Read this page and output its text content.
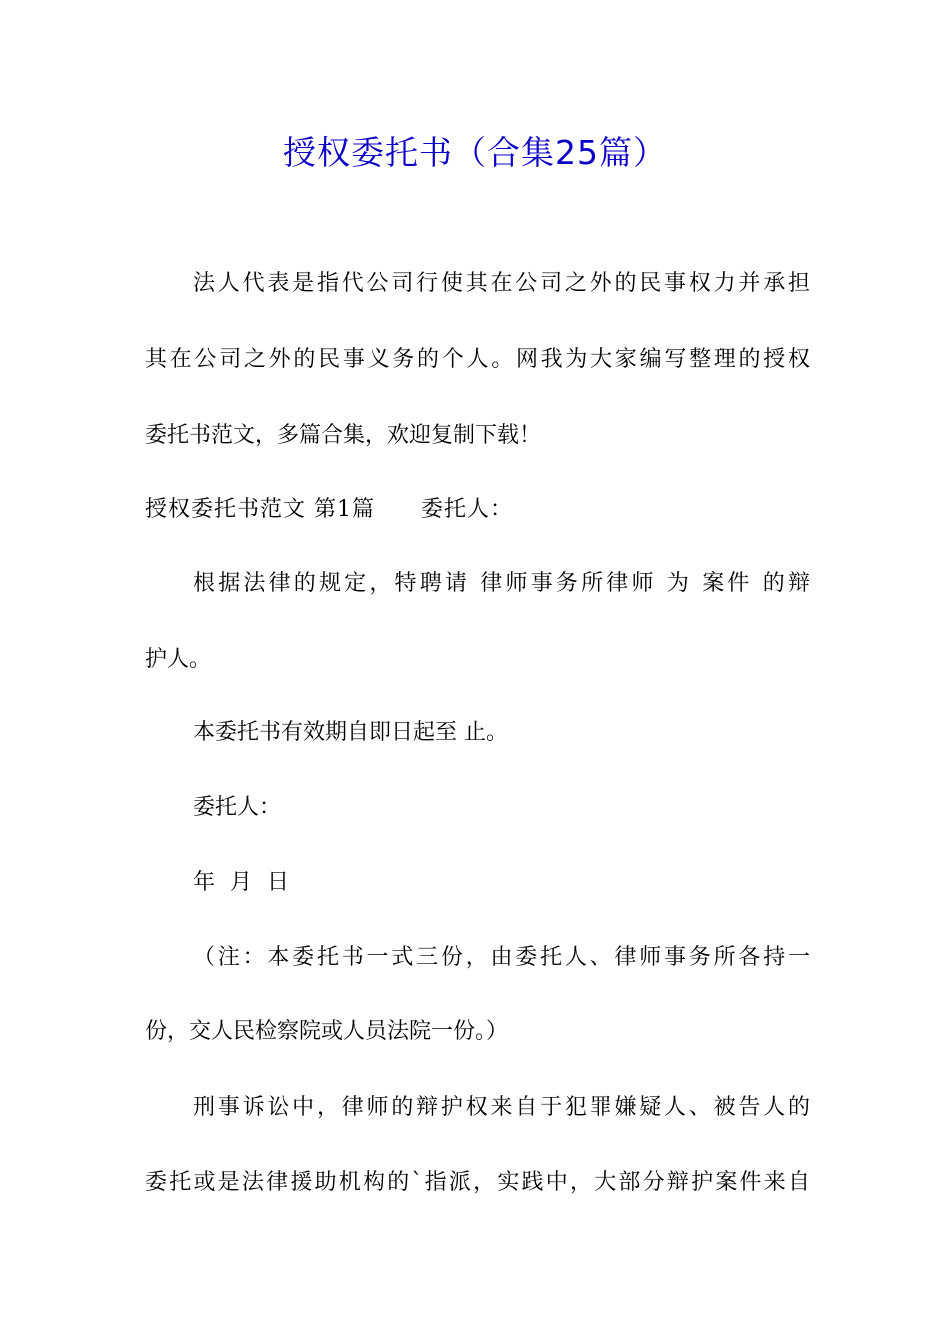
授权委托书（合集25篇）
法人代表是指代公司行使其在公司之外的民事权力并承担
其在公司之外的民事义务的个人。网我为大家编写整理的授权
委托书范文，多篇合集，欢迎复制下载！
授权委托书范文 第1篇　　委托人：
根据法律的规定，特聘请 律师事务所律师 为 案件 的辩
护人。
本委托书有效期自即日起至 止。
委托人：
年 月 日
（注：本委托书一式三份，由委托人、律师事务所各持一
份，交人民检察院或人员法院一份。）
刑事诉讼中，律师的辩护权来自于犯罪嫌疑人、被告人的
委托或是法律援助机构的`指派，实践中，大部分辩护案件来自
